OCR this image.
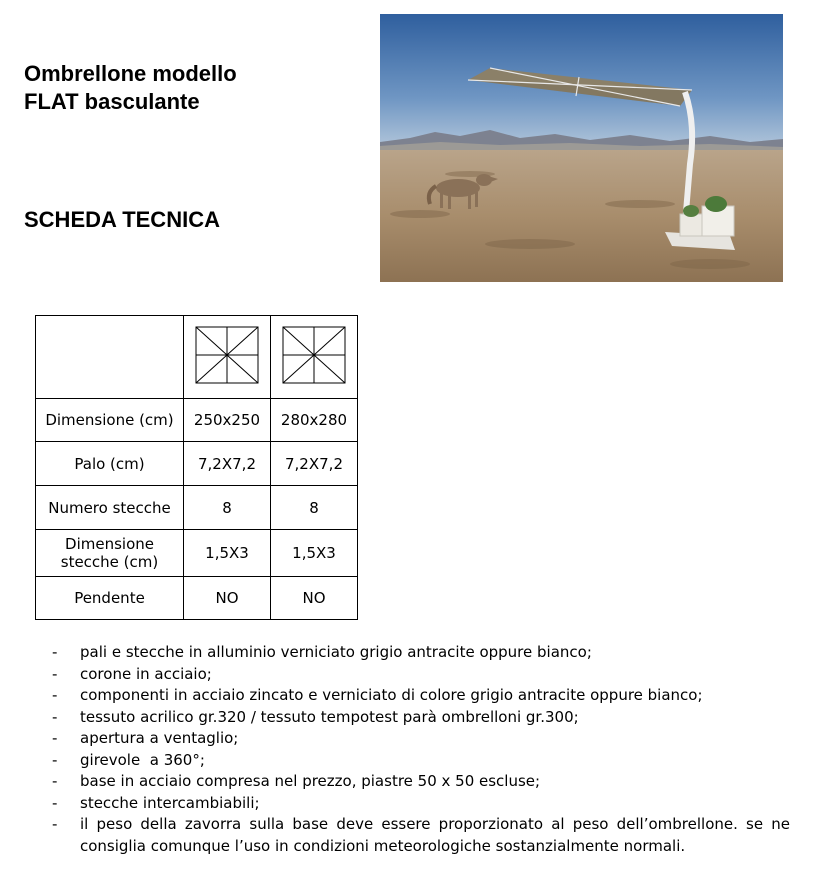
Ombrellone modello
FLAT basculante
SCHEDA TECNICA

Dimensione (cm)	250x250	280x280
Palo (cm)	7,2X7,2	7,2X7,2
Numero stecche	8	8
Dimensione
stecche (cm)	1,5X3	1,5X3
Pendente	NO	NO
- pali e stecche in alluminio verniciato grigio antracite oppure bianco;
- corone in acciaio;
- componenti in acciaio zincato e verniciato di colore grigio antracite oppure bianco;
- tessuto acrilico gr.320 / tessuto tempotest parà ombrelloni gr.300;
- apertura a ventaglio;
- girevole  a 360°;
- base in acciaio compresa nel prezzo, piastre 50 x 50 escluse;
- stecche intercambiabili;
- il peso della zavorra sulla base deve essere proporzionato al peso dell’ombrellone. se ne consiglia comunque l’uso in condizioni meteorologiche sostanzialmente normali.
